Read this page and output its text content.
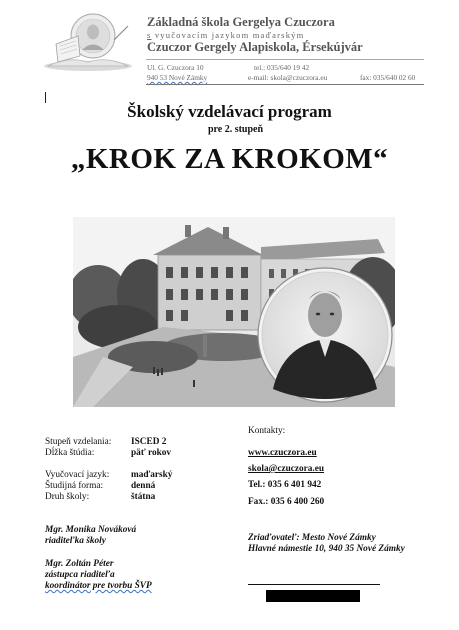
Základná škola Gergelya Czuczora
s vyučovacím jazykom maďarským
Czuczor Gergely Alapiskola, Érsekújvár
Ul. G. Czuczora 10	tel.: 035/640 19 42
940 53 Nové Zámky	e-mail: skola@czuczora.eu	fax: 035/640 02 60
Školský vzdelávací program
pre 2. stupeň
„KROK ZA KROKOM“
Stupeň vzdelania: ISCED 2
Dĺžka štúdia:	päť rokov
Vyučovací jazyk: maďarský
Študijná forma:	denná
Druh školy:	štátna
Mgr. Monika Nováková
riaditeľka školy
Mgr. Zoltán Péter
zástupca riaditeľa
koordinátor pre tvorbu ŠVP
Kontakty:
www.czuczora.eu
skola@czuczora.eu
Tel.: 035 6 401 942
Fax.: 035 6 400 260
Zriaďovateľ: Mesto Nové Zámky
Hlavné námestie 10, 940 35 Nové Zámky
